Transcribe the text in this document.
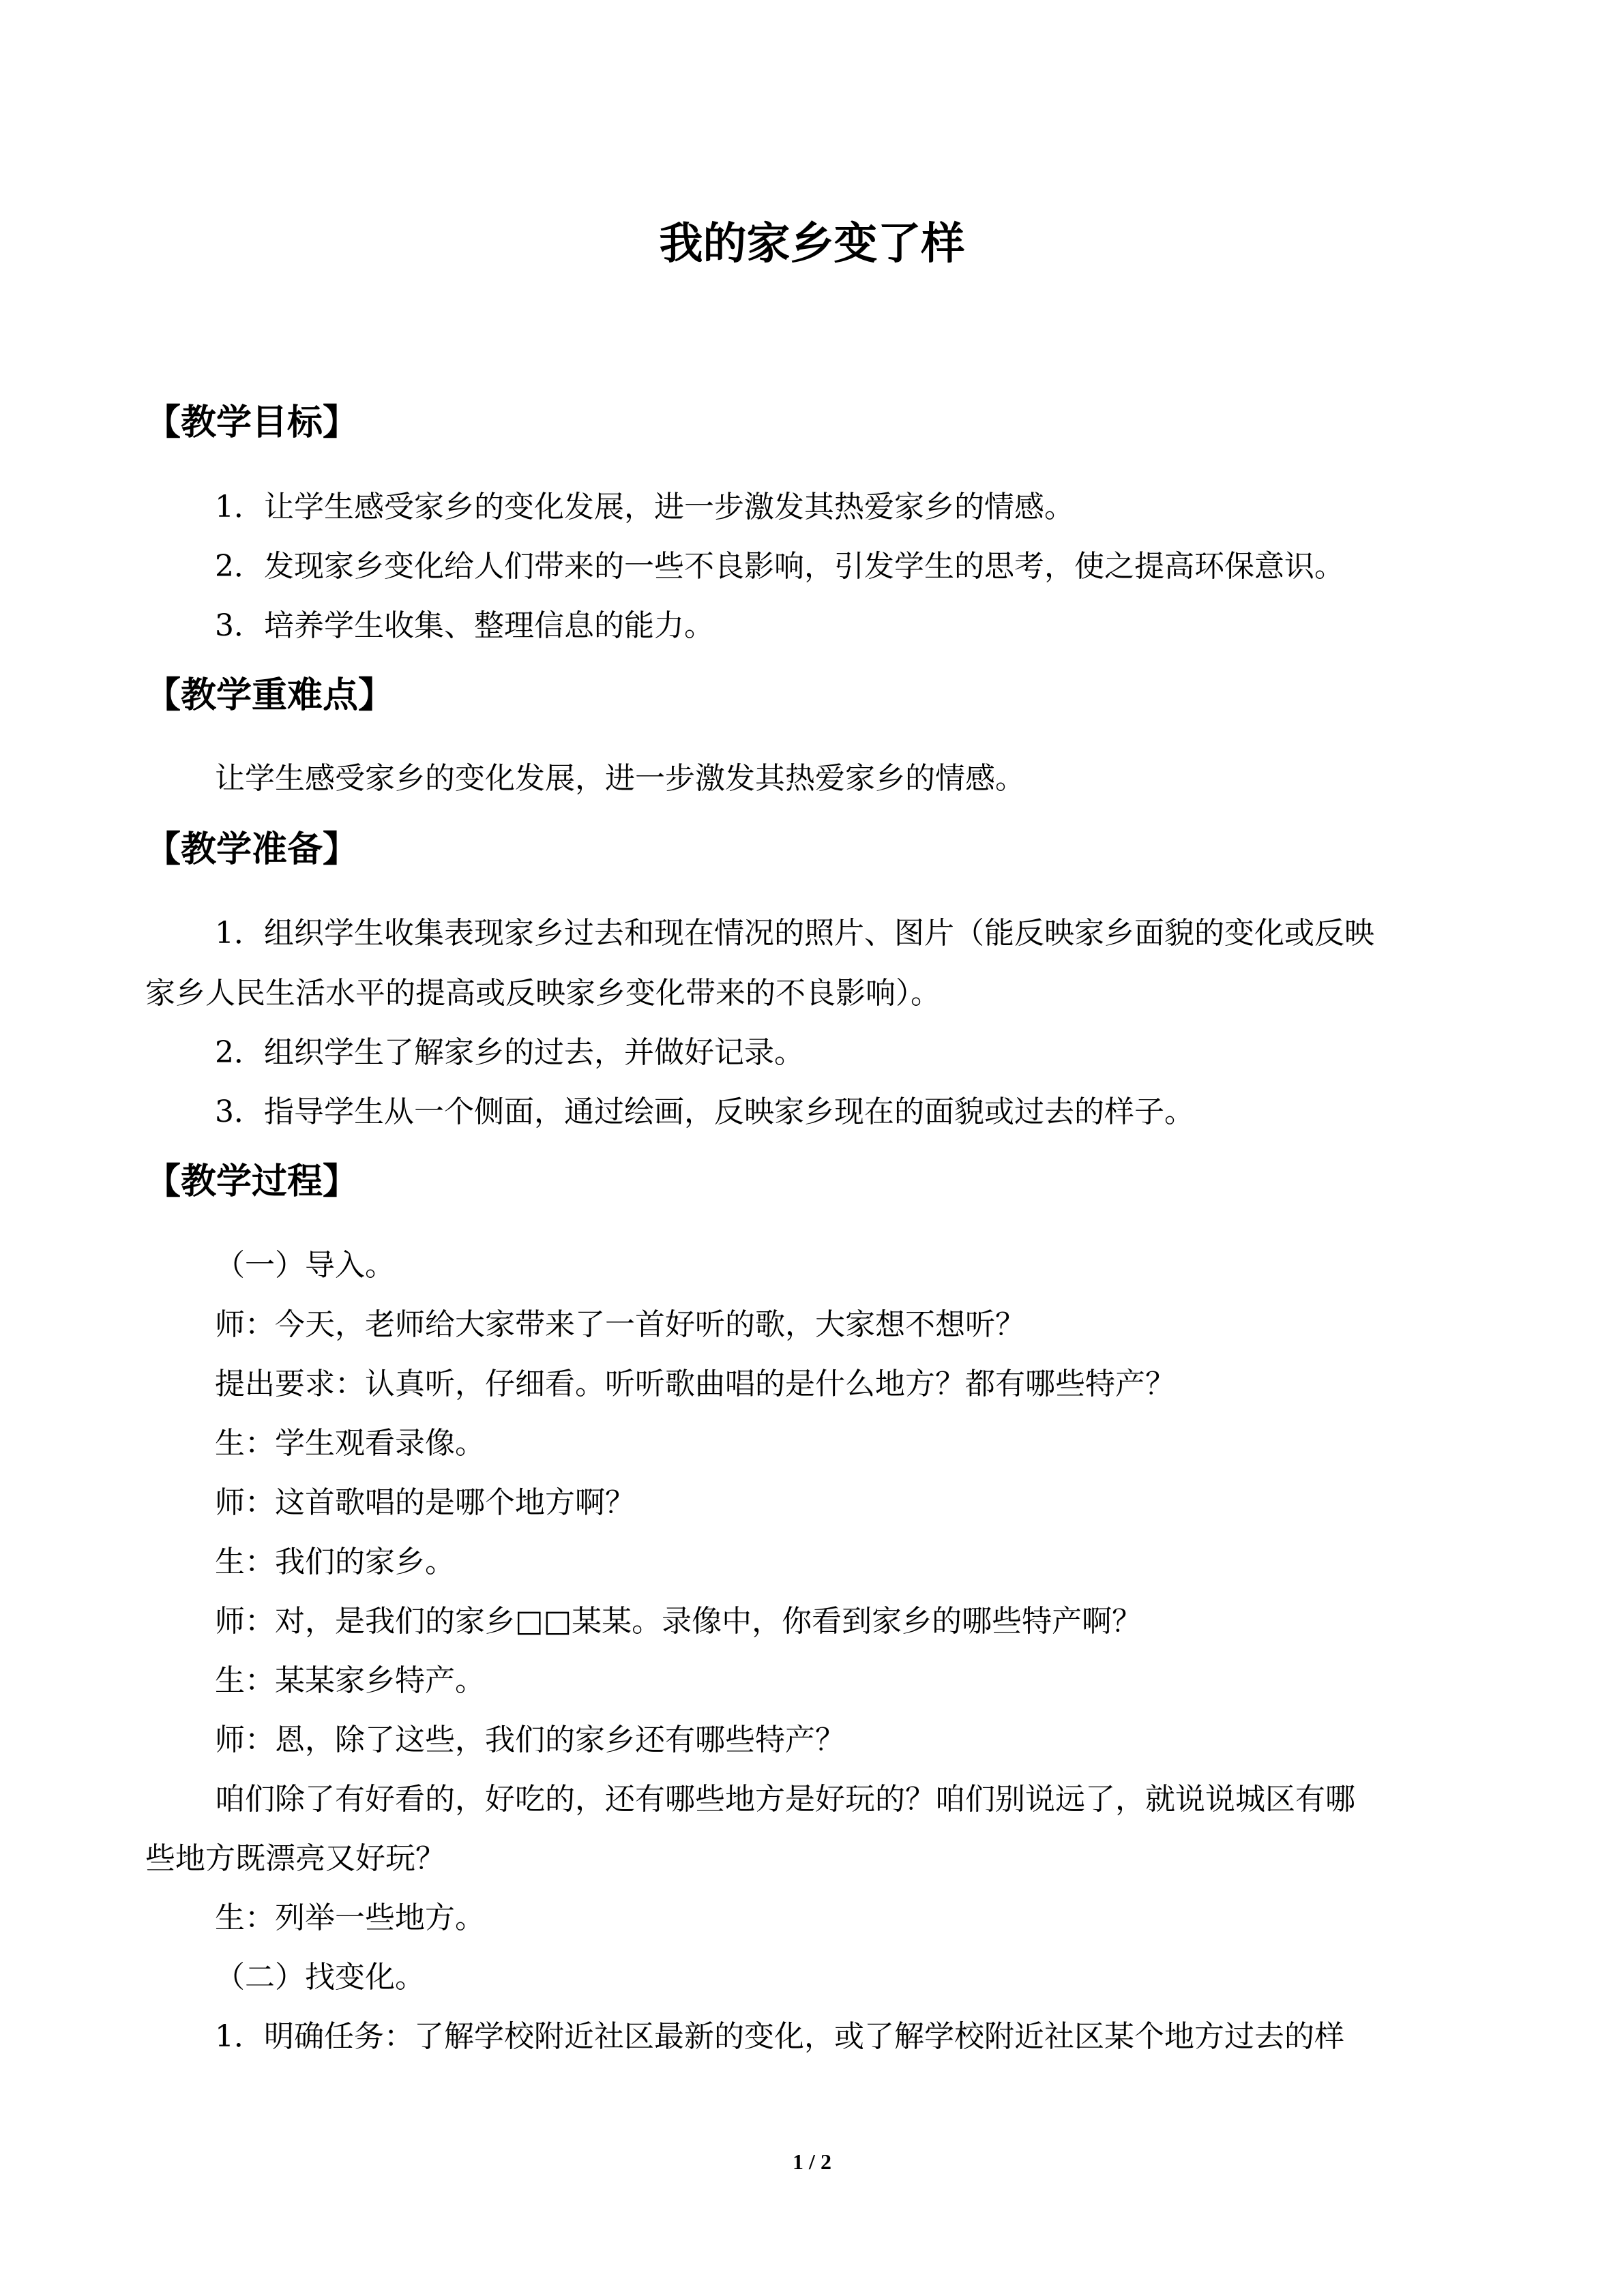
我的家乡变了样
【教学目标】
1．让学生感受家乡的变化发展，进一步激发其热爱家乡的情感。
2．发现家乡变化给人们带来的一些不良影响，引发学生的思考，使之提高环保意识。
3．培养学生收集、整理信息的能力。
【教学重难点】
让学生感受家乡的变化发展，进一步激发其热爱家乡的情感。
【教学准备】
1．组织学生收集表现家乡过去和现在情况的照片、图片（能反映家乡面貌的变化或反映
家乡人民生活水平的提高或反映家乡变化带来的不良影响）。
2．组织学生了解家乡的过去，并做好记录。
3．指导学生从一个侧面，通过绘画，反映家乡现在的面貌或过去的样子。
【教学过程】
（一）导入。
师：今天，老师给大家带来了一首好听的歌，大家想不想听？
提出要求：认真听，仔细看。听听歌曲唱的是什么地方？都有哪些特产？
生：学生观看录像。
师：这首歌唱的是哪个地方啊？
生：我们的家乡。
师：对，是我们的家乡□□某某。录像中，你看到家乡的哪些特产啊？
生：某某家乡特产。
师：恩，除了这些，我们的家乡还有哪些特产？
咱们除了有好看的，好吃的，还有哪些地方是好玩的？咱们别说远了，就说说城区有哪
些地方既漂亮又好玩？
生：列举一些地方。
（二）找变化。
1．明确任务：了解学校附近社区最新的变化，或了解学校附近社区某个地方过去的样
1 / 2
